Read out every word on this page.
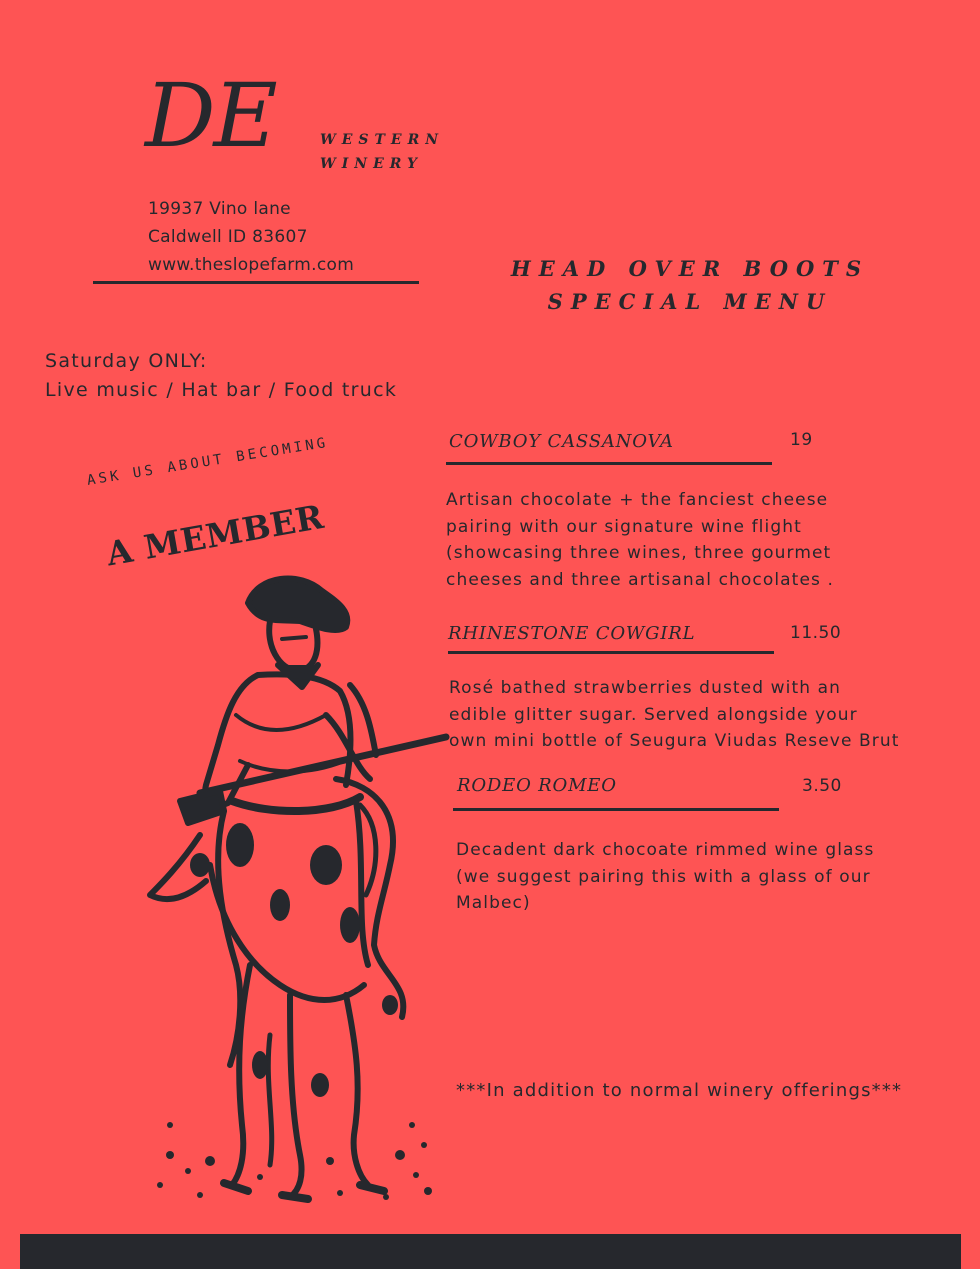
DE	WESTERN
WINERY
19937 Vino lane
Caldwell ID 83607
www.theslopefarm.com	HEAD OVER BOOTS
SPECIAL MENU
Saturday ONLY:
Live music / Hat bar / Food truck
ASK US ABOUT BECOMING
A MEMBER
COWBOY CASSANOVA	19
Artisan chocolate + the fanciest cheese
pairing with our signature wine flight
(showcasing three wines, three gourmet
cheeses and three artisanal chocolates .
RHINESTONE COWGIRL	11.50
Rosé bathed strawberries dusted with an
edible glitter sugar. Served alongside your
own mini bottle of Seugura Viudas Reseve Brut
RODEO ROMEO	3.50
Decadent dark chocoate rimmed wine glass
(we suggest pairing this with a glass of our
Malbec)
***In addition to normal winery offerings***
